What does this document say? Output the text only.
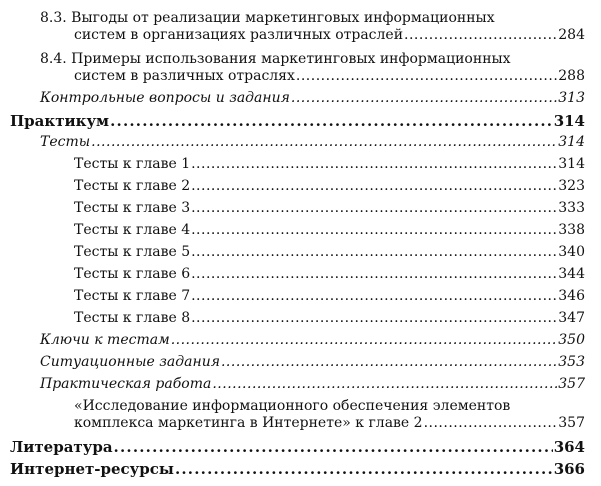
8.3. Выгоды от реализации маркетинговых информационных
систем в организациях различных отраслей .....	284
8.4. Примеры использования маркетинговых информационных
систем в различных отраслях .....	288
Контрольные вопросы и задания .....	313
Практикум .....	314
Тесты .....	314
Тесты к главе 1 .....	314
Тесты к главе 2 .....	323
Тесты к главе 3 .....	333
Тесты к главе 4 .....	338
Тесты к главе 5 .....	340
Тесты к главе 6 .....	344
Тесты к главе 7 .....	346
Тесты к главе 8 .....	347
Ключи к тестам .....	350
Ситуационные задания .....	353
Практическая работа .....	357
«Исследование информационного обеспечения элементов
комплекса маркетинга в Интернете» к главе 2 .....	357
Литература .....	364
Интернет-ресурсы .....	366
